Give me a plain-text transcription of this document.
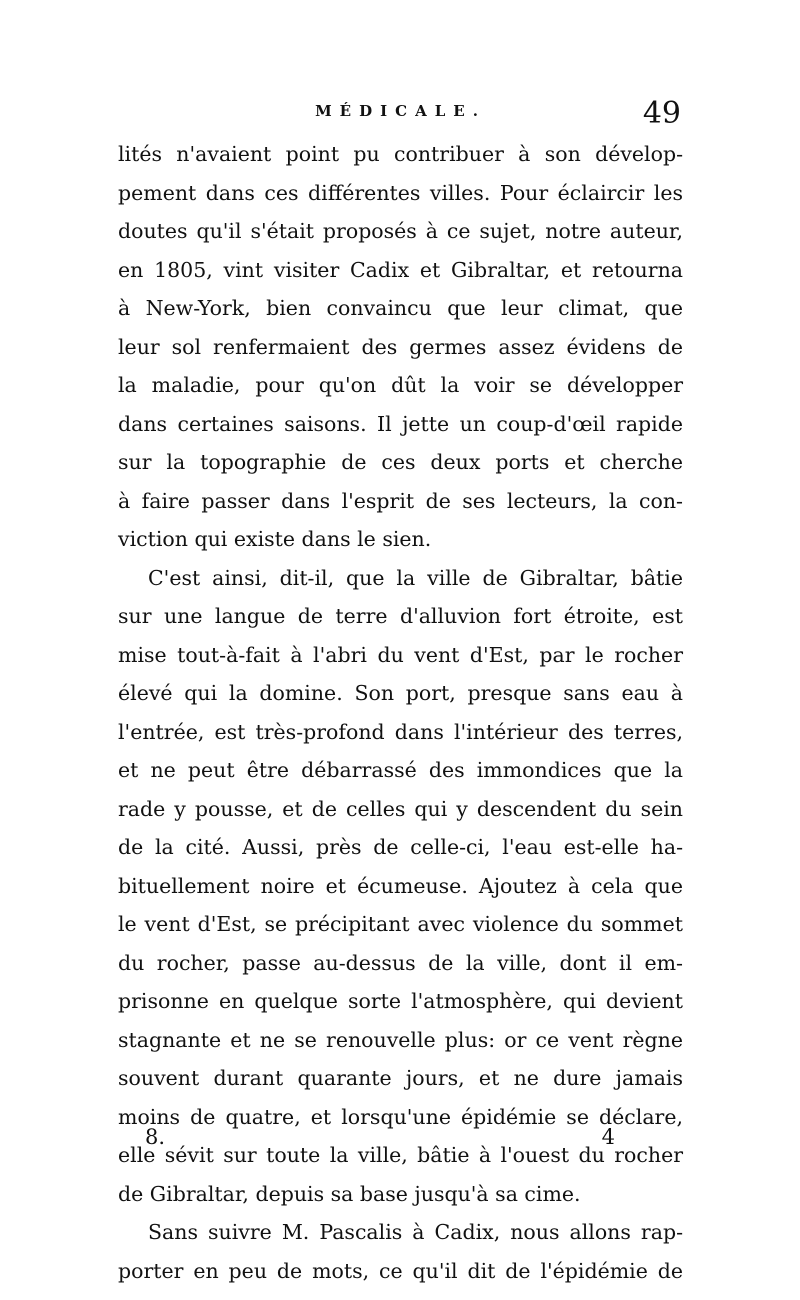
MÉDICALE.	49
lités n'avaient point pu contribuer à son dévelop-
pement dans ces différentes villes. Pour éclaircir les
doutes qu'il s'était proposés à ce sujet, notre auteur,
en 1805, vint visiter Cadix et Gibraltar, et retourna
à New-York, bien convaincu que leur climat, que
leur sol renfermaient des germes assez évidens de
la maladie, pour qu'on dût la voir se développer
dans certaines saisons. Il jette un coup-d'œil rapide
sur la topographie de ces deux ports et cherche
à faire passer dans l'esprit de ses lecteurs, la con-
viction qui existe dans le sien.
C'est ainsi, dit-il, que la ville de Gibraltar, bâtie
sur une langue de terre d'alluvion fort étroite, est
mise tout-à-fait à l'abri du vent d'Est, par le rocher
élevé qui la domine. Son port, presque sans eau à
l'entrée, est très-profond dans l'intérieur des terres,
et ne peut être débarrassé des immondices que la
rade y pousse, et de celles qui y descendent du sein
de la cité. Aussi, près de celle-ci, l'eau est-elle ha-
bituellement noire et écumeuse. Ajoutez à cela que
le vent d'Est, se précipitant avec violence du sommet
du rocher, passe au-dessus de la ville, dont il em-
prisonne en quelque sorte l'atmosphère, qui devient
stagnante et ne se renouvelle plus: or ce vent règne
souvent durant quarante jours, et ne dure jamais
moins de quatre, et lorsqu'une épidémie se déclare,
elle sévit sur toute la ville, bâtie à l'ouest du rocher
de Gibraltar, depuis sa base jusqu'à sa cime.
Sans suivre M. Pascalis à Cadix, nous allons rap-
porter en peu de mots, ce qu'il dit de l'épidémie de
8.	4
